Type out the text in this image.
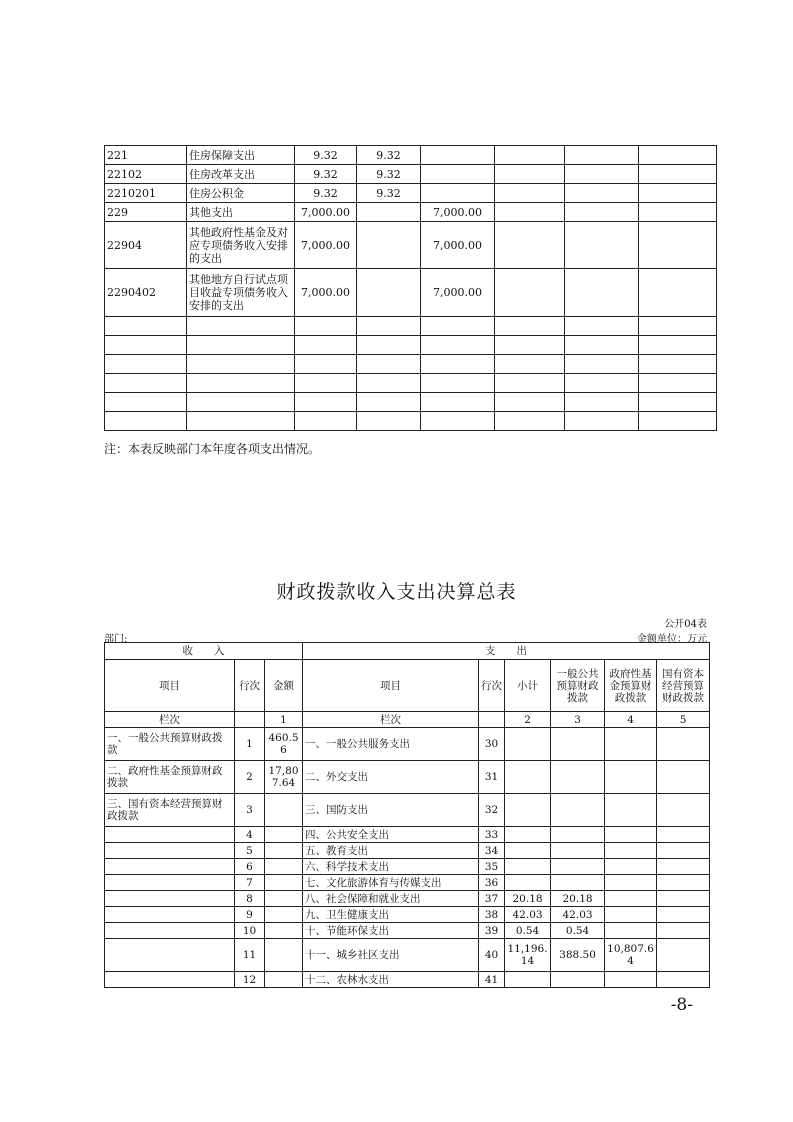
221	住房保障支出	9.32	9.32				
22102	住房改革支出	9.32	9.32				
2210201	住房公积金	9.32	9.32				
229	其他支出	7,000.00		7,000.00			
22904	其他政府性基金及对应专项债务收入安排的支出	7,000.00		7,000.00			
2290402	其他地方自行试点项目收益专项债务收入安排的支出	7,000.00		7,000.00			

注：本表反映部门本年度各项支出情况。
财政拨款收入支出决算总表
公开04表
部门:	金额单位：万元
收　　入			支　　出					
项目	行次	金额	项目	行次	小计	一般公共预算财政拨款	政府性基金预算财政拨款	国有资本经营预算财政拨款
栏次		1	栏次		2	3	4	5
一、一般公共预算财政拨款	1	460.56	一、一般公共服务支出	30				
二、政府性基金预算财政拨款	2	17,807.64	二、外交支出	31				
三、国有资本经营预算财政拨款	3		三、国防支出	32				
	4		四、公共安全支出	33				
	5		五、教育支出	34				
	6		六、科学技术支出	35				
	7		七、文化旅游体育与传媒支出	36				
	8		八、社会保障和就业支出	37	20.18	20.18		
	9		九、卫生健康支出	38	42.03	42.03		
	10		十、节能环保支出	39	0.54	0.54		
	11		十一、城乡社区支出	40	11,196.14	388.50	10,807.64	
	12		十二、农林水支出	41				
-8-
